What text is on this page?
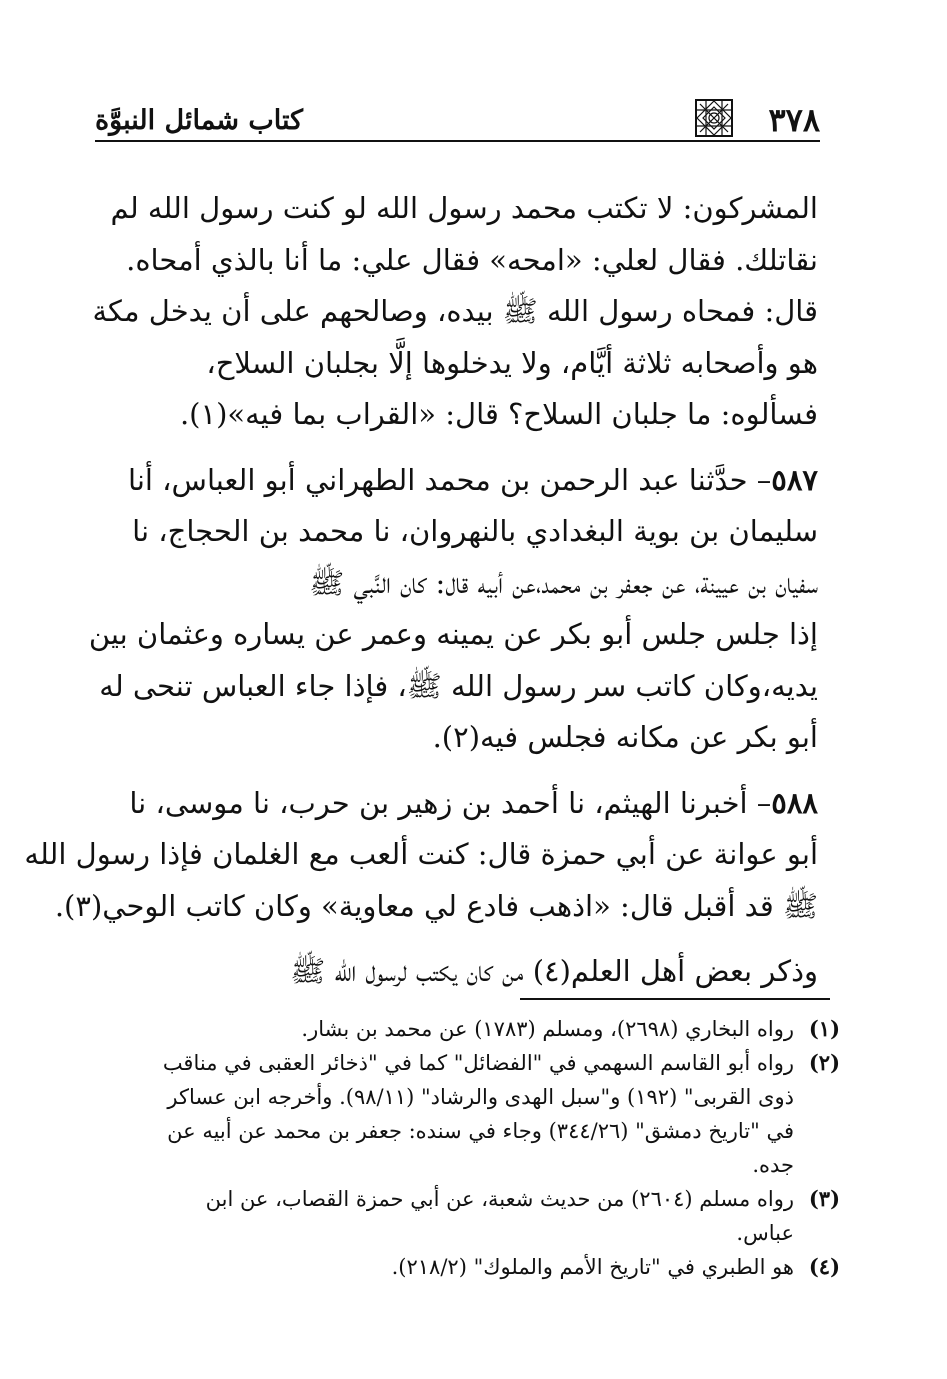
٣٧٨
كتاب شمائل النبوَّة

المشركون: لا تكتب محمد رسول الله لو كنت رسول الله لم
نقاتلك. فقال لعلي: «امحه» فقال علي: ما أنا بالذي أمحاه.
قال: فمحاه رسول الله ﷺ بيده، وصالحهم على أن يدخل مكة
هو وأصحابه ثلاثة أيَّام، ولا يدخلوها إلَّا بجلبان السلاح،
فسألوه: ما جلبان السلاح؟ قال: «القراب بما فيه»(١).

٥٨٧– حدَّثنا عبد الرحمن بن محمد الطهراني أبو العباس، أنا
سليمان بن بوية البغدادي بالنهروان، نا محمد بن الحجاج، نا
سفيان بن عيينة، عن جعفر بن محمد،عن أبيه قال: كان النَّبي ﷺ
إذا جلس جلس أبو بكر عن يمينه وعمر عن يساره وعثمان بين
يديه،وكان كاتب سر رسول الله ﷺ، فإذا جاء العباس تنحى له
أبو بكر عن مكانه فجلس فيه(٢).

٥٨٨– أخبرنا الهيثم، نا أحمد بن زهير بن حرب، نا موسى، نا
أبو عوانة عن أبي حمزة قال: كنت ألعب مع الغلمان فإذا رسول الله
ﷺ قد أقبل قال: «اذهب فادع لي معاوية» وكان كاتب الوحي(٣).

وذكر بعض أهل العلم(٤) من كان يكتب لرسول الله ﷺ

(١)
رواه البخاري (٢٦٩٨)، ومسلم (١٧٨٣) عن محمد بن بشار.
(٢)
رواه أبو القاسم السهمي في "الفضائل" كما في "ذخائر العقبى في مناقب
ذوى القربى" (١٩٢) و"سبل الهدى والرشاد" (٩٨/١١). وأخرجه ابن عساكر
في "تاريخ دمشق" (٣٤٤/٢٦) وجاء في سنده: جعفر بن محمد عن أبيه عن
جده.
(٣)
رواه مسلم (٢٦٠٤) من حديث شعبة، عن أبي حمزة القصاب، عن ابن
عباس.
(٤)
هو الطبري في "تاريخ الأمم والملوك" (٢١٨/٢).
